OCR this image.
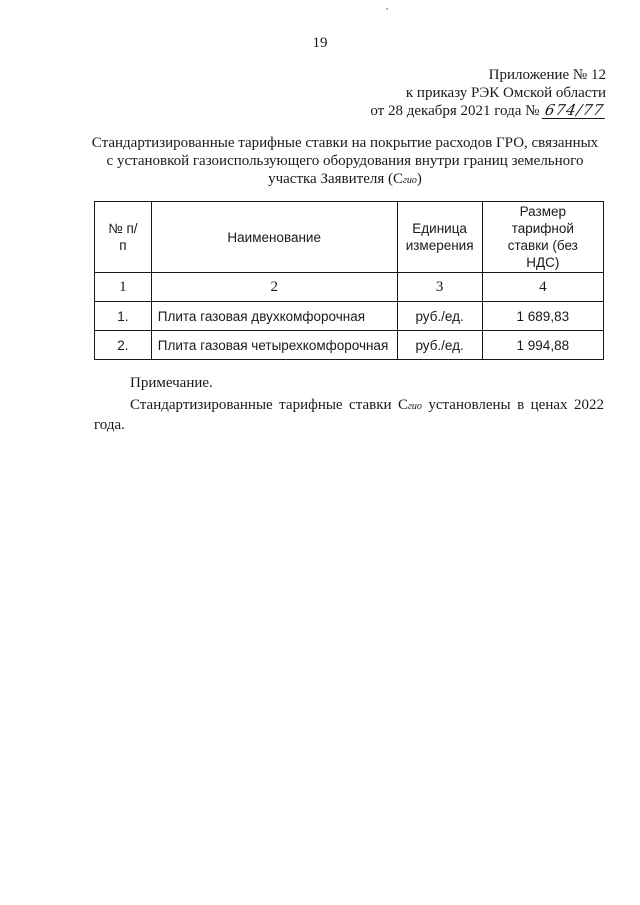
19
Приложение № 12
к приказу РЭК Омской области
от 28 декабря 2021 года № 674/77
Стандартизированные тарифные ставки на покрытие расходов ГРО, связанных
с установкой газоиспользующего оборудования внутри границ земельного
участка Заявителя (Сгио)
№ п/п	Наименование	Единица измерения	Размер тарифной ставки (без НДС)

1	2	3	4
1.	Плита газовая двухкомфорочная	руб./ед.	1 689,83
2.	Плита газовая четырехкомфорочная	руб./ед.	1 994,88
Примечание.
Стандартизированные тарифные ставки Сгио установлены в ценах 2022 года.
